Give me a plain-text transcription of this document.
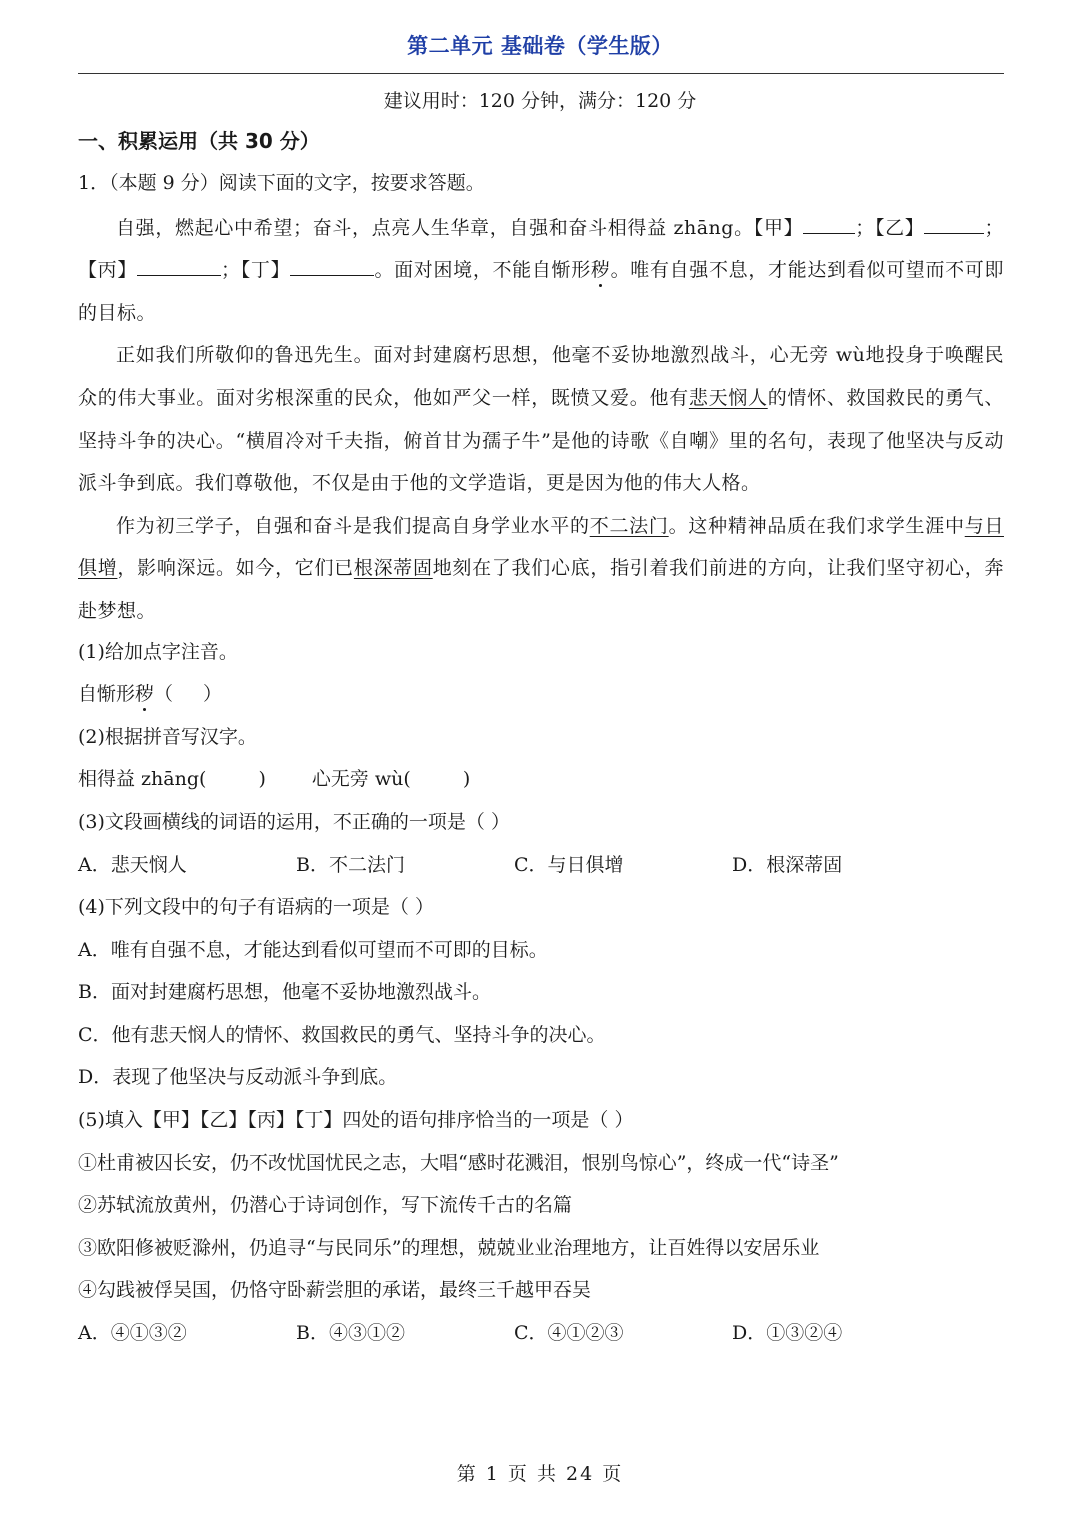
第二单元 基础卷（学生版）
建议用时：120 分钟，满分：120 分
一、积累运用（共 30 分）
1．（本题 9 分）阅读下面的文字，按要求答题。
自强，燃起心中希望；奋斗，点亮人生华章，自强和奋斗相得益 zhāng。【甲】	；【乙】	；【丙】	；【丁】	。面对困境，不能自惭形秽。唯有自强不息，才能达到看似可望而不可即的目标。
正如我们所敬仰的鲁迅先生。面对封建腐朽思想，他毫不妥协地激烈战斗，心无旁 wù地投身于唤醒民众的伟大事业。面对劣根深重的民众，他如严父一样，既愤又爱。他有悲天悯人的情怀、救国救民的勇气、坚持斗争的决心。“横眉冷对千夫指，俯首甘为孺子牛”是他的诗歌《自嘲》里的名句，表现了他坚决与反动派斗争到底。我们尊敬他，不仅是由于他的文学造诣，更是因为他的伟大人格。
作为初三学子，自强和奋斗是我们提高自身学业水平的不二法门。这种精神品质在我们求学生涯中与日俱增，影响深远。如今，它们已根深蒂固地刻在了我们心底，指引着我们前进的方向，让我们坚守初心，奔赴梦想。
(1)给加点字注音。
自惭形秽（ ）
(2)根据拼音写汉字。
相得益 zhāng(	) 心无旁 wù(	)
(3)文段画横线的词语的运用，不正确的一项是（ ）
A．悲天悯人	B．不二法门	C．与日俱增	D．根深蒂固
(4)下列文段中的句子有语病的一项是（ ）
A．唯有自强不息，才能达到看似可望而不可即的目标。
B．面对封建腐朽思想，他毫不妥协地激烈战斗。
C．他有悲天悯人的情怀、救国救民的勇气、坚持斗争的决心。
D．表现了他坚决与反动派斗争到底。
(5)填入【甲】【乙】【丙】【丁】四处的语句排序恰当的一项是（ ）
①杜甫被囚长安，仍不改忧国忧民之志，大唱“感时花溅泪，恨别鸟惊心”，终成一代“诗圣”
②苏轼流放黄州，仍潜心于诗词创作，写下流传千古的名篇
③欧阳修被贬滁州，仍追寻“与民同乐”的理想，兢兢业业治理地方，让百姓得以安居乐业
④勾践被俘吴国，仍恪守卧薪尝胆的承诺，最终三千越甲吞吴
A．④①③②	B．④③①②	C．④①②③	D．①③②④
第 1 页 共 24 页
